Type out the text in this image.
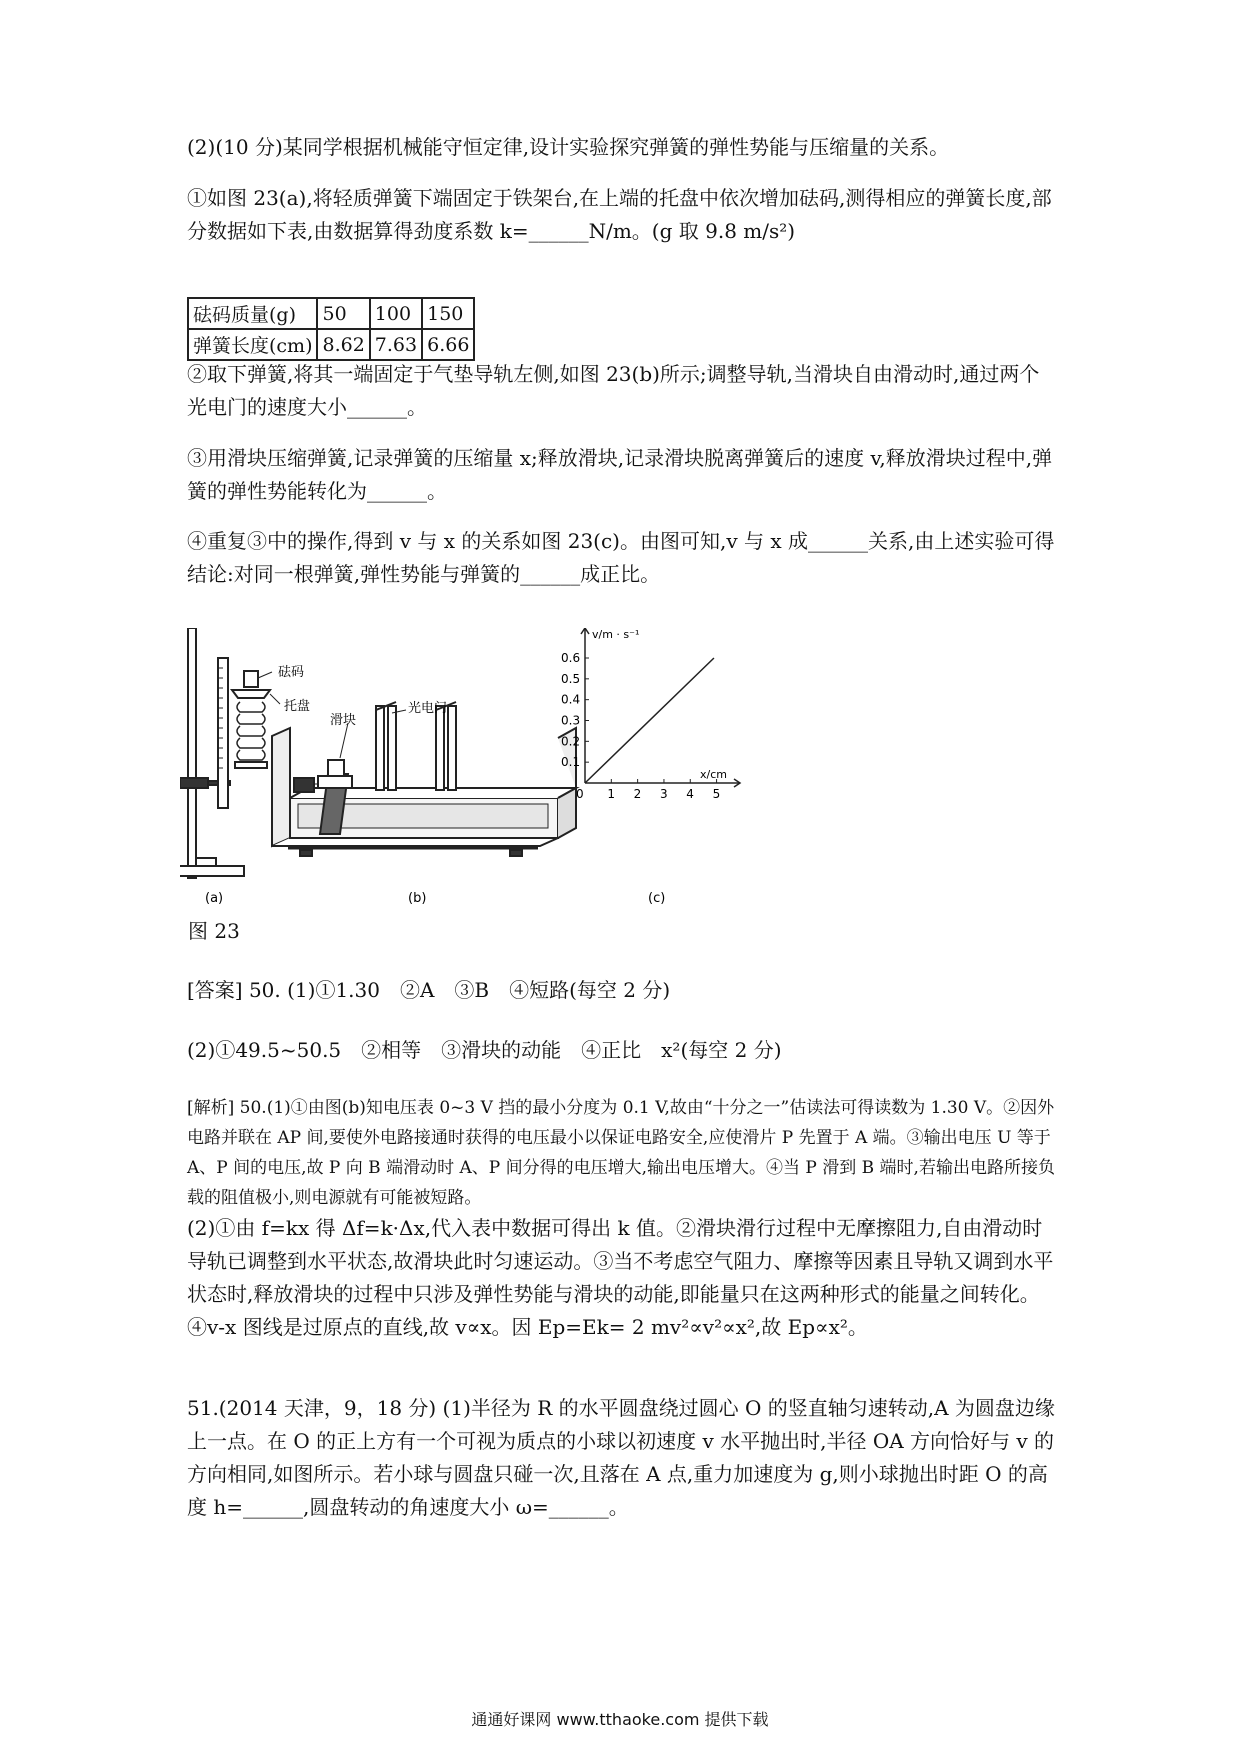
(2)(10 分)某同学根据机械能守恒定律,设计实验探究弹簧的弹性势能与压缩量的关系。

①如图 23(a),将轻质弹簧下端固定于铁架台,在上端的托盘中依次增加砝码,测得相应的弹簧长度,部分数据如下表,由数据算得劲度系数 k=______N/m。(g 取 9.8 m/s²)

砝码质量(g)	50	100	150
弹簧长度(cm)	8.62	7.63	6.66

②取下弹簧,将其一端固定于气垫导轨左侧,如图 23(b)所示;调整导轨,当滑块自由滑动时,通过两个光电门的速度大小______。

③用滑块压缩弹簧,记录弹簧的压缩量 x;释放滑块,记录滑块脱离弹簧后的速度 v,释放滑块过程中,弹簧的弹性势能转化为______。

④重复③中的操作,得到 v 与 x 的关系如图 23(c)。由图可知,v 与 x 成______关系,由上述实验可得结论:对同一根弹簧,弹性势能与弹簧的______成正比。

砝码
托盘
(a)
滑块
光电门
(b)
v/m · s⁻¹
x/cm
0 1 2 3 4 5
0.1
0.2
0.3
0.4
0.5
0.6
(c)
图 23

[答案] 50. (1)①1.30　②A　③B　④短路(每空 2 分)

(2)①49.5~50.5　②相等　③滑块的动能　④正比　x²(每空 2 分)

[解析] 50.(1)①由图(b)知电压表 0~3 V 挡的最小分度为 0.1 V,故由“十分之一”估读法可得读数为 1.30 V。②因外电路并联在 AP 间,要使外电路接通时获得的电压最小以保证电路安全,应使滑片 P 先置于 A 端。③输出电压 U 等于 A、P 间的电压,故 P 向 B 端滑动时 A、P 间分得的电压增大,输出电压增大。④当 P 滑到 B 端时,若输出电路所接负载的阻值极小,则电源就有可能被短路。

(2)①由 f=kx 得 Δf=k·Δx,代入表中数据可得出 k 值。②滑块滑行过程中无摩擦阻力,自由滑动时导轨已调整到水平状态,故滑块此时匀速运动。③当不考虑空气阻力、摩擦等因素且导轨又调到水平状态时,释放滑块的过程中只涉及弹性势能与滑块的动能,即能量只在这两种形式的能量之间转化。④v-x 图线是过原点的直线,故 v∝x。因 Ep=Ek= 2 mv²∝v²∝x²,故 Ep∝x²。

51.(2014 天津，9，18 分) (1)半径为 R 的水平圆盘绕过圆心 O 的竖直轴匀速转动,A 为圆盘边缘上一点。在 O 的正上方有一个可视为质点的小球以初速度 v 水平抛出时,半径 OA 方向恰好与 v 的方向相同,如图所示。若小球与圆盘只碰一次,且落在 A 点,重力加速度为 g,则小球抛出时距 O 的高度 h=______,圆盘转动的角速度大小 ω=______。

通通好课网 www.tthaoke.com 提供下载
